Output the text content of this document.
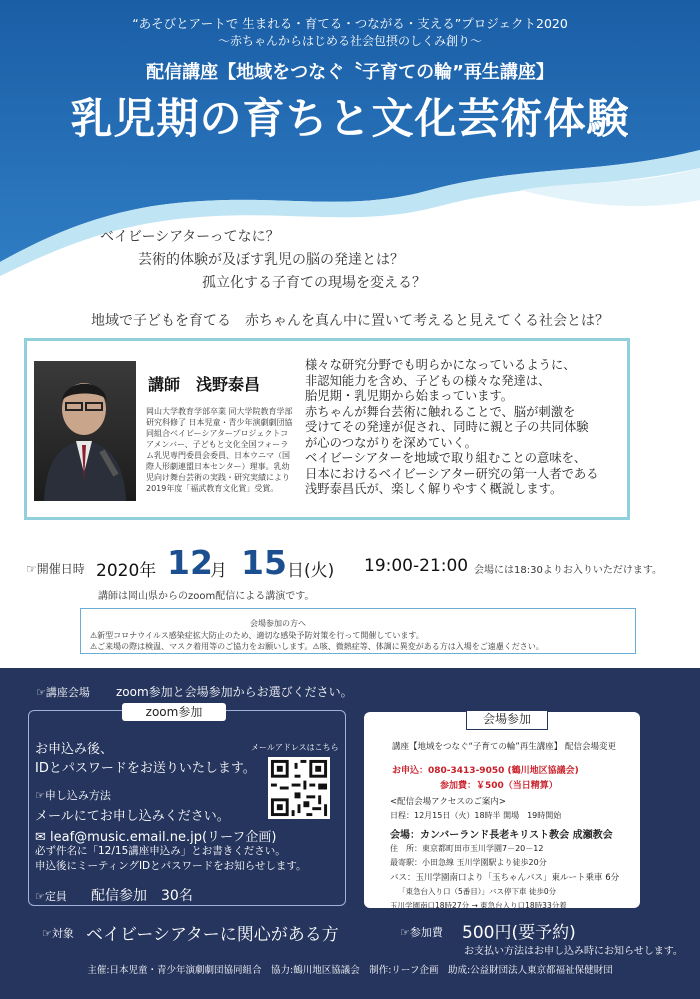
“あそびとアートで 生まれる・育てる・つながる・支える”プロジェクト2020
〜赤ちゃんからはじめる社会包摂のしくみ創り〜
配信講座【地域をつなぐ〝子育ての輪”再生講座】
乳児期の育ちと文化芸術体験
ベイビーシアターってなに？
芸術的体験が及ぼす乳児の脳の発達とは？
孤立化する子育ての現場を変える？
地域で子どもを育てる　赤ちゃんを真ん中に置いて考えると見えてくる社会とは？
講師　浅野泰昌
岡山大学教育学部卒業 同大学院教育学部研究科修了 日本児童・青少年演劇劇団協同組合ベイビーシアタープロジェクトコアメンバー、子どもと文化全国フォーラム乳児専門委員会委員、日本ウニマ（国際人形劇連盟日本センター）理事。乳幼児向け舞台芸術の実践・研究実績により2019年度「福武教育文化賞」受賞。
様々な研究分野でも明らかになっているように、
非認知能力を含め、子どもの様々な発達は、
胎児期・乳児期から始まっています。
赤ちゃんが舞台芸術に触れることで、脳が刺激を
受けてその発達が促され、同時に親と子の共同体験
が心のつながりを深めていく。
ベイビーシアターを地域で取り組むことの意味を、
日本におけるベイビーシアター研究の第一人者である
浅野泰昌氏が、楽しく解りやすく概説します。
☞開催日時 2020年 12
月 15 日(火) 19:00-21:00 会場には18:30よりお入りいただけます。
講師は岡山県からのzoom配信による講演です。
会場参加の方へ
⚠新型コロナウイルス感染症拡大防止のため、適切な感染予防対策を行って開催しています。
⚠ご来場の際は検温、マスク着用等のご協力をお願いします。⚠咳、微熱症等、体調に異変がある方は入場をご遠慮ください。
☞講座会場 zoom参加と会場参加からお選びください。
zoom参加
お申込み後、
IDとパスワードをお送りいたします。
メールアドレスはこちら
☞申し込み方法
メールにてお申し込みください。
✉ leaf@music.email.ne.jp(リーフ企画)
必ず件名に「12/15講座申込み」とお書きください。
申込後にミーティングIDとパスワードをお知らせします。
☞定員 配信参加　30名
会場参加
講座【地域をつなぐ“子育ての輪”再生講座】 配信会場変更
お申込：080-3413-9050 (鶴川地区協議会)
参加費：￥500（当日精算）
<配信会場アクセスのご案内>
日程：12月15日（火）18時半 開場　19時開始
会場：カンバーランド長老キリスト教会 成瀬教会
住　所：東京都町田市玉川学園7－20－12
最寄駅：小田急線 玉川学園駅より徒歩20分
バス：玉川学園南口より「玉ちゃんバス」東ルート乗車 6分
「東急台入り口（5番目）」バス停下車 徒歩0分
玉川学園南口18時27分 → 東急台入り口18時33分着
☞対象 ベイビーシアターに関心がある方	☞参加費 500円(要予約)
お支払い方法はお申し込み時にお知らせします。
主催:日本児童・青少年演劇劇団協同組合　協力:鶴川地区協議会　制作:リーフ企画　助成:公益財団法人東京都福祉保健財団
